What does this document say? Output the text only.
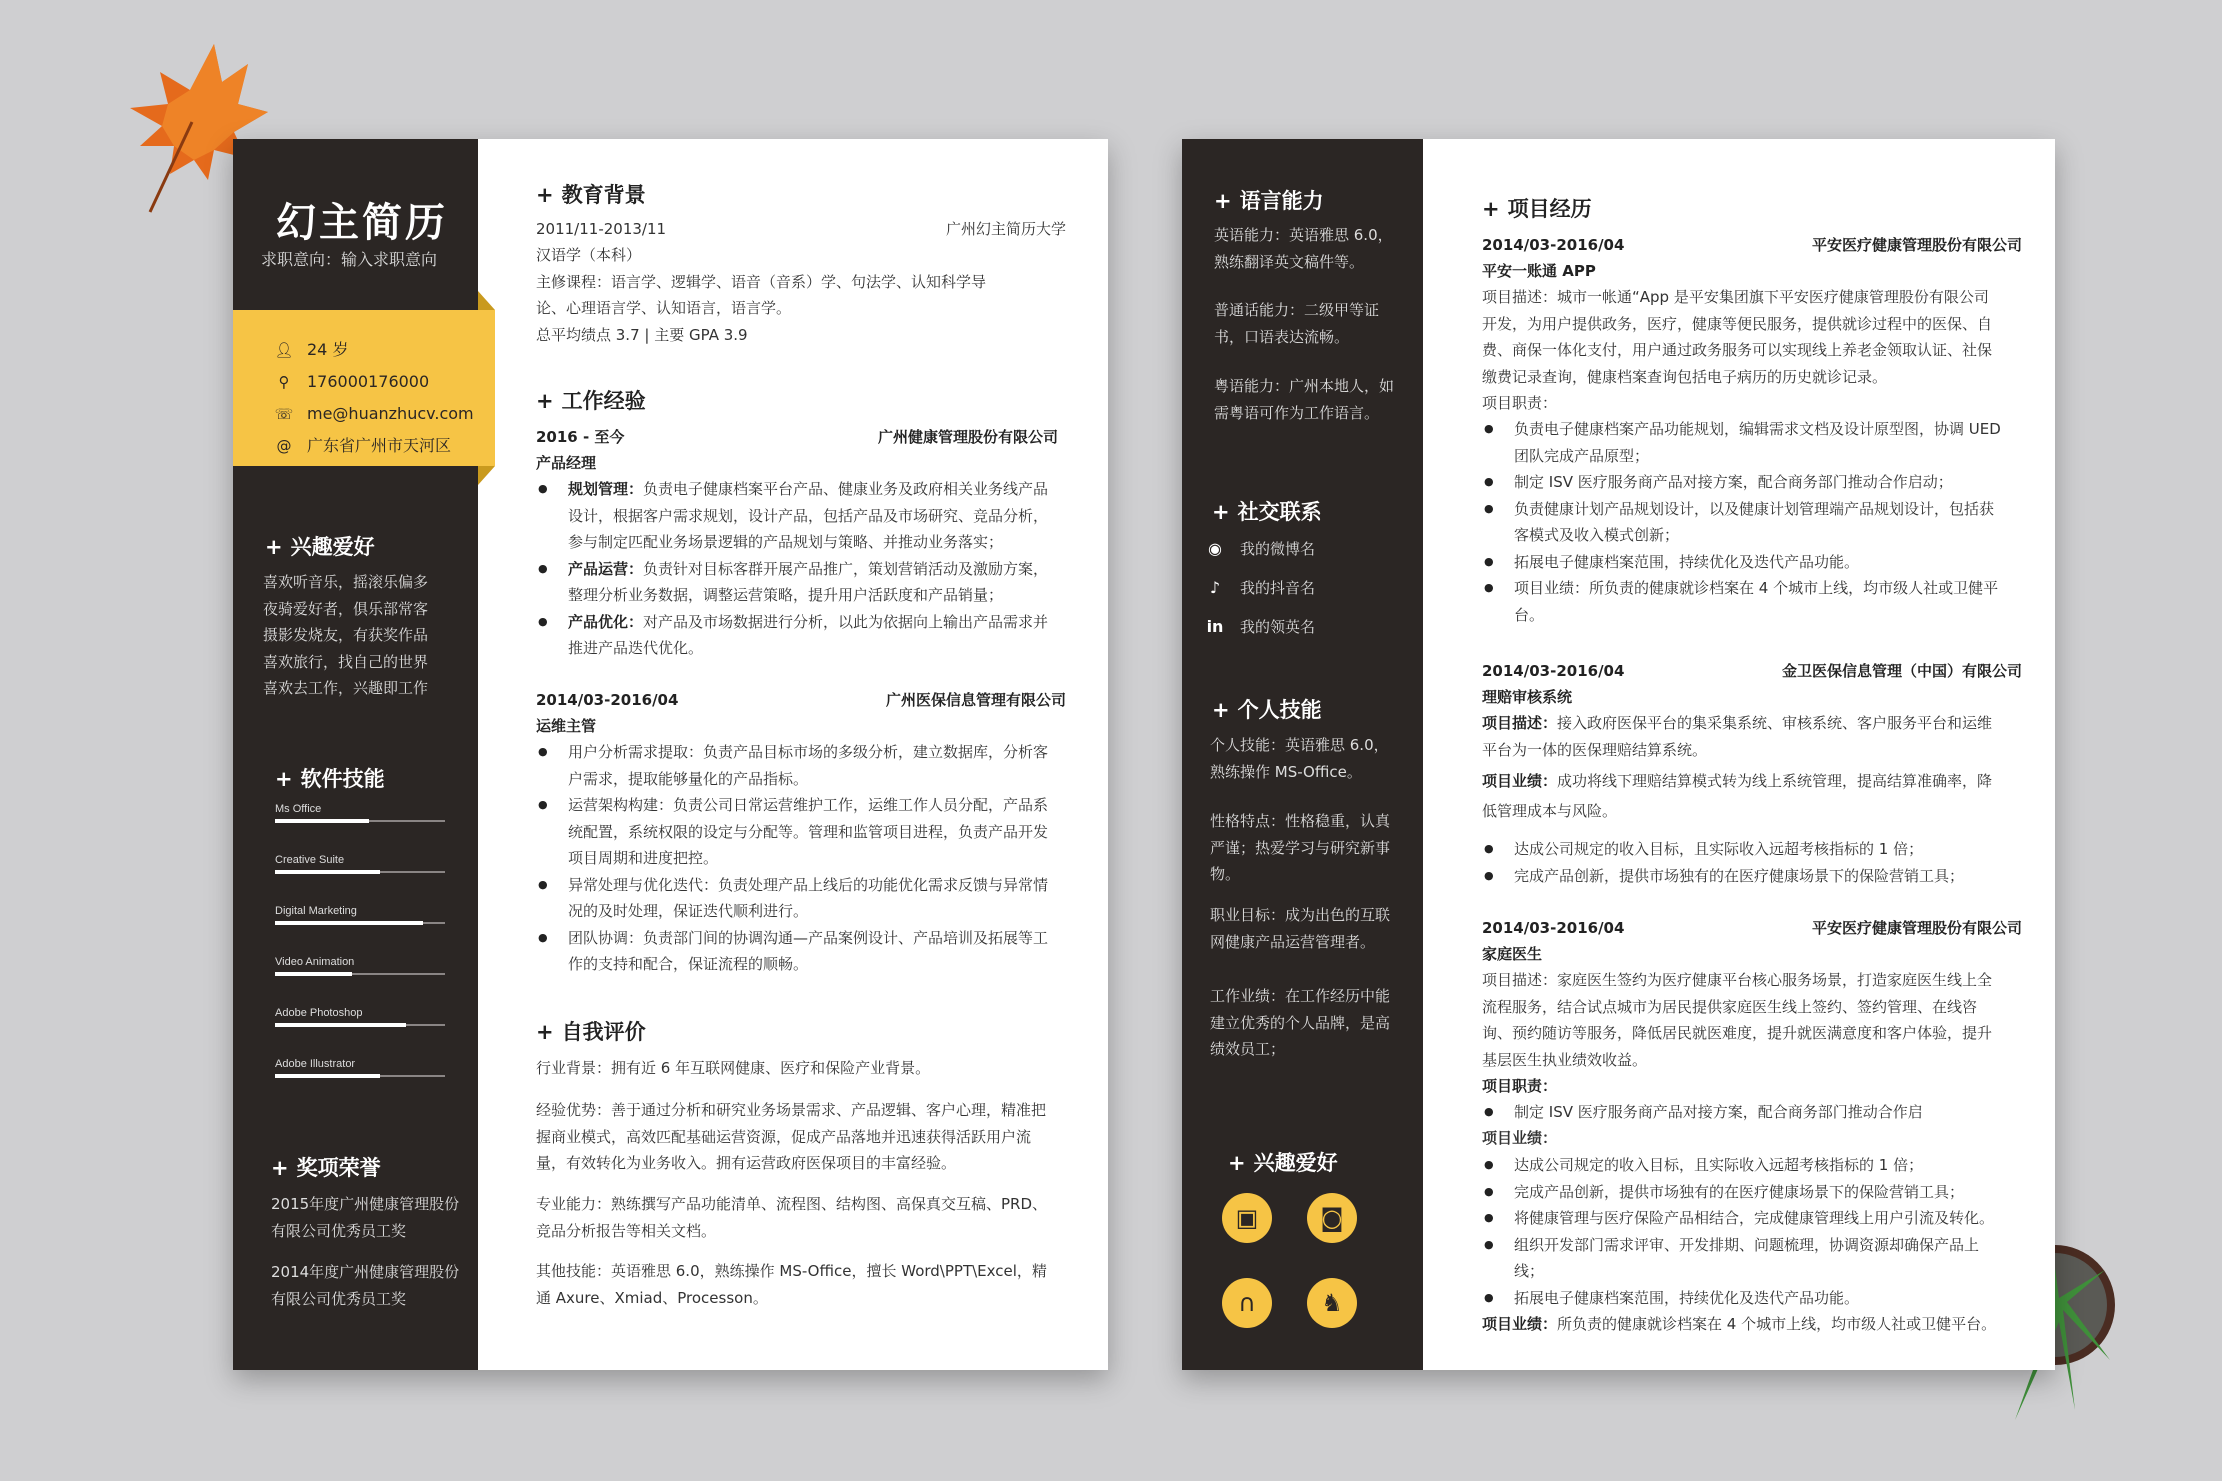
幻主简历
求职意向：输入求职意向
👤︎ 24 岁
⚲ 176000176000
☏ me@huanzhucv.com
@ 广东省广州市天河区
+ 兴趣爱好
喜欢听音乐，摇滚乐偏多
夜骑爱好者，俱乐部常客
摄影发烧友，有获奖作品
喜欢旅行，找自己的世界
喜欢去工作，兴趣即工作
+ 软件技能
+ 奖项荣誉
2015年度广州健康管理股份
有限公司优秀员工奖
2014年度广州健康管理股份
有限公司优秀员工奖
+ 教育背景
2011/11-2013/11	广州幻主简历大学
汉语学（本科）
主修课程：语言学、逻辑学、语音（音系）学、句法学、认知科学导
论、心理语言学、认知语言，语言学。
总平均绩点 3.7 | 主要 GPA 3.9
+ 工作经验
2016 - 至今	广州健康管理股份有限公司
产品经理
● 规划管理：负责电子健康档案平台产品、健康业务及政府相关业务线产品
设计，根据客户需求规划，设计产品，包括产品及市场研究、竞品分析，
参与制定匹配业务场景逻辑的产品规划与策略、并推动业务落实；
● 产品运营：负责针对目标客群开展产品推广，策划营销活动及激励方案，
整理分析业务数据，调整运营策略，提升用户活跃度和产品销量；
● 产品优化：对产品及市场数据进行分析，以此为依据向上输出产品需求并
推进产品迭代优化。
2014/03-2016/04	广州医保信息管理有限公司
运维主管
● 用户分析需求提取：负责产品目标市场的多级分析，建立数据库，分析客
户需求，提取能够量化的产品指标。
● 运营架构构建：负责公司日常运营维护工作，运维工作人员分配，产品系
统配置，系统权限的设定与分配等。管理和监管项目进程，负责产品开发
项目周期和进度把控。
● 异常处理与优化迭代：负责处理产品上线后的功能优化需求反馈与异常情
况的及时处理，保证迭代顺利进行。
● 团队协调：负责部门间的协调沟通—产品案例设计、产品培训及拓展等工
作的支持和配合，保证流程的顺畅。
+ 自我评价
行业背景：拥有近 6 年互联网健康、医疗和保险产业背景。
经验优势：善于通过分析和研究业务场景需求、产品逻辑、客户心理，精准把
握商业模式，高效匹配基础运营资源，促成产品落地并迅速获得活跃用户流
量，有效转化为业务收入。拥有运营政府医保项目的丰富经验。
专业能力：熟练撰写产品功能清单、流程图、结构图、高保真交互稿、PRD、
竞品分析报告等相关文档。
其他技能：英语雅思 6.0，熟练操作 MS-Office，擅长 Word\PPT\Excel，精
通 Axure、Xmiad、Processon。
Ms Office
Creative Suite
Digital Marketing
Video Animation
Adobe Photoshop
Adobe Illustrator
+ 语言能力
英语能力：英语雅思 6.0，
熟练翻译英文稿件等。
普通话能力：二级甲等证
书，口语表达流畅。
粤语能力：广州本地人，如
需粤语可作为工作语言。
+ 社交联系
◉ 我的微博名
♪ 我的抖音名
in 我的领英名
+ 个人技能
个人技能：英语雅思 6.0，
熟练操作 MS-Office。
性格特点：性格稳重，认真
严谨；热爱学习与研究新事
物。
职业目标：成为出色的互联
网健康产品运营管理者。
工作业绩：在工作经历中能
建立优秀的个人品牌，是高
绩效员工；
+ 兴趣爱好
▣	◙
∩	♞
+ 项目经历
2014/03-2016/04	平安医疗健康管理股份有限公司
平安一账通 APP
项目描述：城市一帐通“App 是平安集团旗下平安医疗健康管理股份有限公司
开发，为用户提供政务，医疗，健康等便民服务，提供就诊过程中的医保、自
费、商保一体化支付，用户通过政务服务可以实现线上养老金领取认证、社保
缴费记录查询，健康档案查询包括电子病历的历史就诊记录。
项目职责：
● 负责电子健康档案产品功能规划，编辑需求文档及设计原型图，协调 UED
团队完成产品原型；
● 制定 ISV 医疗服务商产品对接方案，配合商务部门推动合作启动；
● 负责健康计划产品规划设计，以及健康计划管理端产品规划设计，包括获
客模式及收入模式创新；
● 拓展电子健康档案范围，持续优化及迭代产品功能。
● 项目业绩：所负责的健康就诊档案在 4 个城市上线，均市级人社或卫健平
台。
2014/03-2016/04	金卫医保信息管理（中国）有限公司
理赔审核系统
项目描述：接入政府医保平台的集采集系统、审核系统、客户服务平台和运维
平台为一体的医保理赔结算系统。
项目业绩：成功将线下理赔结算模式转为线上系统管理，提高结算准确率，降
低管理成本与风险。
● 达成公司规定的收入目标，且实际收入远超考核指标的 1 倍；
● 完成产品创新，提供市场独有的在医疗健康场景下的保险营销工具；
2014/03-2016/04	平安医疗健康管理股份有限公司
家庭医生
项目描述：家庭医生签约为医疗健康平台核心服务场景，打造家庭医生线上全
流程服务，结合试点城市为居民提供家庭医生线上签约、签约管理、在线咨
询、预约随访等服务，降低居民就医难度，提升就医满意度和客户体验，提升
基层医生执业绩效收益。
项目职责：
● 制定 ISV 医疗服务商产品对接方案，配合商务部门推动合作启
项目业绩：
● 达成公司规定的收入目标，且实际收入远超考核指标的 1 倍；
● 完成产品创新，提供市场独有的在医疗健康场景下的保险营销工具；
● 将健康管理与医疗保险产品相结合，完成健康管理线上用户引流及转化。
● 组织开发部门需求评审、开发排期、问题梳理，协调资源却确保产品上
线；
● 拓展电子健康档案范围，持续优化及迭代产品功能。
项目业绩：所负责的健康就诊档案在 4 个城市上线，均市级人社或卫健平台。
